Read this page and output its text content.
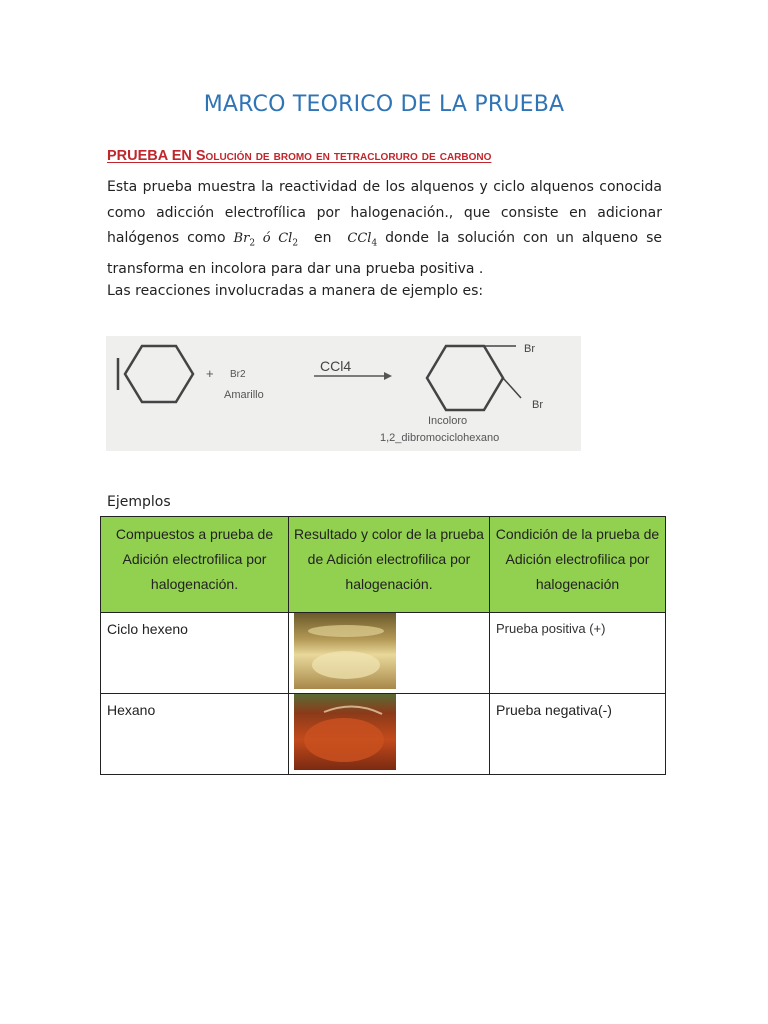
MARCO TEORICO DE LA PRUEBA
PRUEBA EN Solución de bromo en tetracloruro de carbono
Esta prueba muestra la reactividad de los alquenos y ciclo alquenos conocida como adicción electrofílica por halogenación., que consiste en adicionar halógenos como $Br_2$ ó $Cl_2$  en  CCl$_4$ donde la solución con un alqueno se transforma en incolora para dar una prueba positiva .
Las reacciones involucradas a manera de ejemplo es:
+ Br2
Amarillo
CCl4
Br
Br
Incoloro
1,2_dibromociclohexano
Ejemplos
Compuestos a prueba de Adición electrofilica por halogenación.	Resultado y color de la prueba de Adición electrofilica por halogenación.	Condición de la prueba de Adición electrofilica por halogenación

Ciclo hexeno		Prueba positiva (+)

Hexano		Prueba negativa(-)
